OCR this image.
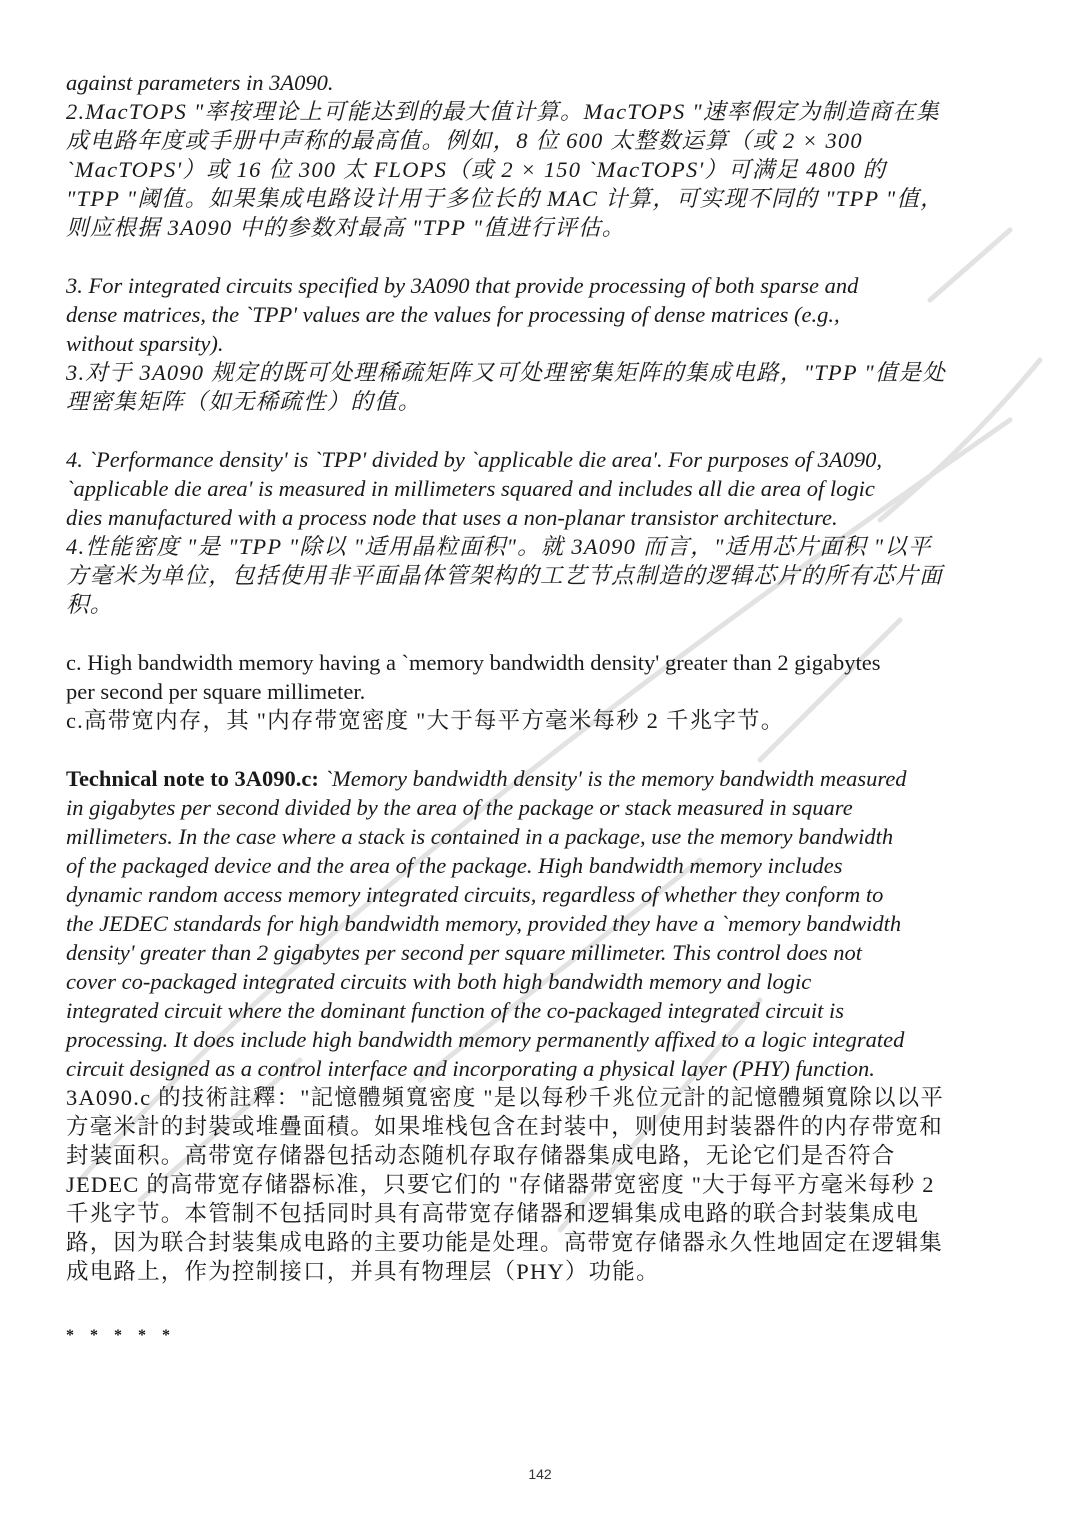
against parameters in 3A090.
2.MacTOPS "率按理论上可能达到的最大值计算。MacTOPS "速率假定为制造商在集
成电路年度或手册中声称的最高值。例如，8 位 600 太整数运算（或 2 × 300
`MacTOPS'）或 16 位 300 太 FLOPS（或 2 × 150 `MacTOPS'）可满足 4800 的
"TPP "阈值。如果集成电路设计用于多位长的 MAC 计算，可实现不同的 "TPP "值，
则应根据 3A090 中的参数对最高 "TPP "值进行评估。
3. For integrated circuits specified by 3A090 that provide processing of both sparse and
dense matrices, the `TPP' values are the values for processing of dense matrices (e.g.,
without sparsity).
3.对于 3A090 规定的既可处理稀疏矩阵又可处理密集矩阵的集成电路，"TPP "值是处
理密集矩阵（如无稀疏性）的值。
4. `Performance density' is `TPP' divided by `applicable die area'. For purposes of 3A090,
`applicable die area' is measured in millimeters squared and includes all die area of logic
dies manufactured with a process node that uses a non-planar transistor architecture.
4.性能密度 "是 "TPP "除以 "适用晶粒面积"。就 3A090 而言，"适用芯片面积 "以平
方毫米为单位，包括使用非平面晶体管架构的工艺节点制造的逻辑芯片的所有芯片面
积。
c. High bandwidth memory having a `memory bandwidth density' greater than 2 gigabytes
per second per square millimeter.
c.高带宽内存，其 "内存带宽密度 "大于每平方毫米每秒 2 千兆字节。
Technical note to 3A090.c: `Memory bandwidth density' is the memory bandwidth measured
in gigabytes per second divided by the area of the package or stack measured in square
millimeters. In the case where a stack is contained in a package, use the memory bandwidth
of the packaged device and the area of the package. High bandwidth memory includes
dynamic random access memory integrated circuits, regardless of whether they conform to
the JEDEC standards for high bandwidth memory, provided they have a `memory bandwidth
density' greater than 2 gigabytes per second per square millimeter. This control does not
cover co-packaged integrated circuits with both high bandwidth memory and logic
integrated circuit where the dominant function of the co-packaged integrated circuit is
processing. It does include high bandwidth memory permanently affixed to a logic integrated
circuit designed as a control interface and incorporating a physical layer (PHY) function.
3A090.c 的技術註釋："記憶體頻寬密度 "是以每秒千兆位元計的記憶體頻寬除以以平
方毫米計的封裝或堆疊面積。如果堆栈包含在封装中，则使用封装器件的内存带宽和
封装面积。高带宽存储器包括动态随机存取存储器集成电路，无论它们是否符合
JEDEC 的高带宽存储器标准，只要它们的 "存储器带宽密度 "大于每平方毫米每秒 2
千兆字节。本管制不包括同时具有高带宽存储器和逻辑集成电路的联合封装集成电
路，因为联合封装集成电路的主要功能是处理。高带宽存储器永久性地固定在逻辑集
成电路上，作为控制接口，并具有物理层（PHY）功能。
* * * * *
142
